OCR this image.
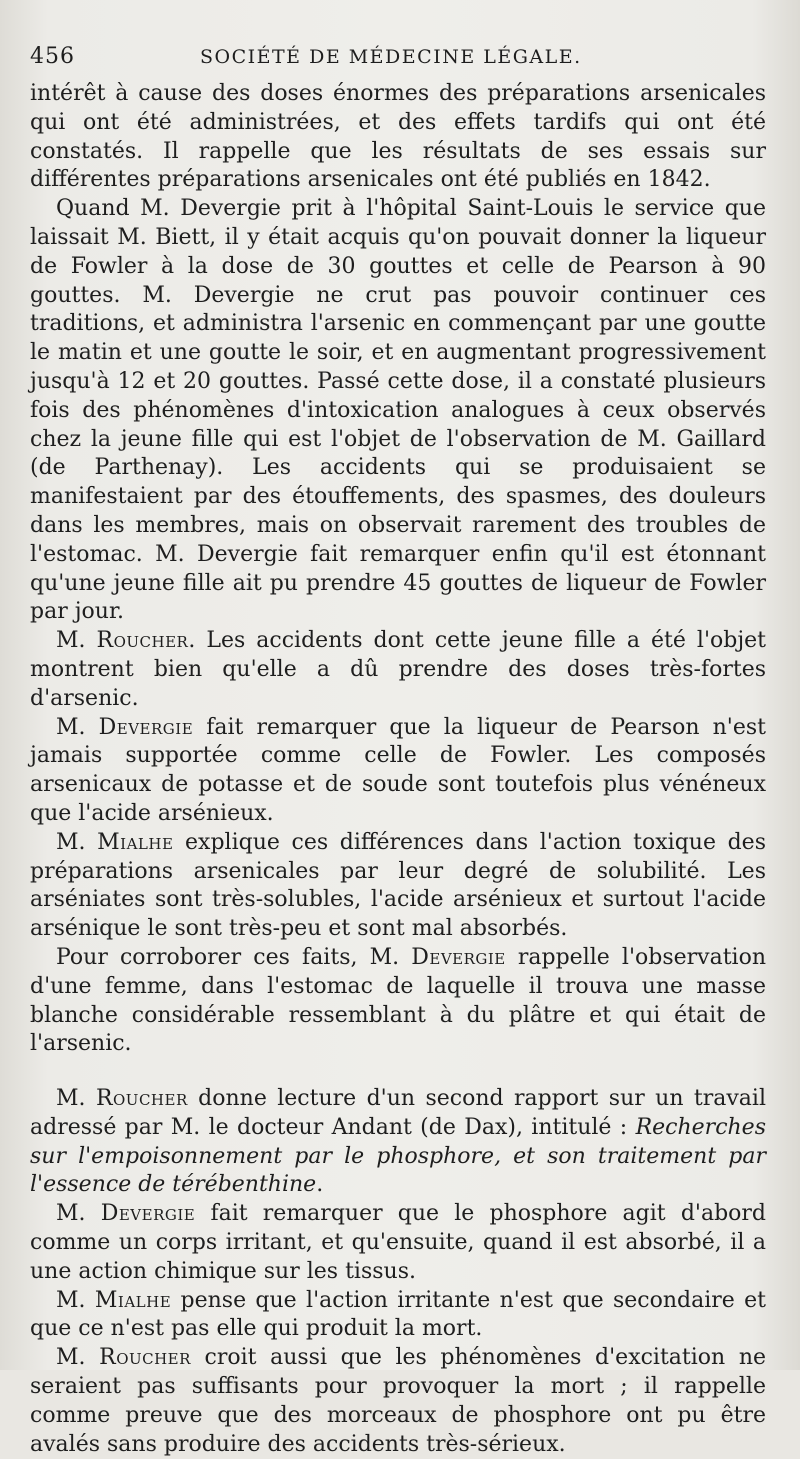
456	SOCIÉTÉ DE MÉDECINE LÉGALE.

intérêt à cause des doses énormes des préparations arsenicales qui ont été administrées, et des effets tardifs qui ont été constatés. Il rappelle que les résultats de ses essais sur différentes préparations arsenicales ont été publiés en 1842.

Quand M. Devergie prit à l'hôpital Saint-Louis le service que laissait M. Biett, il y était acquis qu'on pouvait donner la liqueur de Fowler à la dose de 30 gouttes et celle de Pearson à 90 gouttes. M. Devergie ne crut pas pouvoir continuer ces traditions, et administra l'arsenic en commençant par une goutte le matin et une goutte le soir, et en augmentant progressivement jusqu'à 12 et 20 gouttes. Passé cette dose, il a constaté plusieurs fois des phénomènes d'intoxication analogues à ceux observés chez la jeune fille qui est l'objet de l'observation de M. Gaillard (de Parthenay). Les accidents qui se produisaient se manifestaient par des étouffements, des spasmes, des douleurs dans les membres, mais on observait rarement des troubles de l'estomac. M. Devergie fait remarquer enfin qu'il est étonnant qu'une jeune fille ait pu prendre 45 gouttes de liqueur de Fowler par jour.

M. Roucher. Les accidents dont cette jeune fille a été l'objet montrent bien qu'elle a dû prendre des doses très-fortes d'arsenic.

M. Devergie fait remarquer que la liqueur de Pearson n'est jamais supportée comme celle de Fowler. Les composés arsenicaux de potasse et de soude sont toutefois plus vénéneux que l'acide arsénieux.

M. Mialhe explique ces différences dans l'action toxique des préparations arsenicales par leur degré de solubilité. Les arséniates sont très-solubles, l'acide arsénieux et surtout l'acide arsénique le sont très-peu et sont mal absorbés.

Pour corroborer ces faits, M. Devergie rappelle l'observation d'une femme, dans l'estomac de laquelle il trouva une masse blanche considérable ressemblant à du plâtre et qui était de l'arsenic.

M. Roucher donne lecture d'un second rapport sur un travail adressé par M. le docteur Andant (de Dax), intitulé : Recherches sur l'empoisonnement par le phosphore, et son traitement par l'essence de térébenthine.

M. Devergie fait remarquer que le phosphore agit d'abord comme un corps irritant, et qu'ensuite, quand il est absorbé, il a une action chimique sur les tissus.

M. Mialhe pense que l'action irritante n'est que secondaire et que ce n'est pas elle qui produit la mort.

M. Roucher croit aussi que les phénomènes d'excitation ne seraient pas suffisants pour provoquer la mort ; il rappelle comme preuve que des morceaux de phosphore ont pu être avalés sans produire des accidents très-sérieux.
